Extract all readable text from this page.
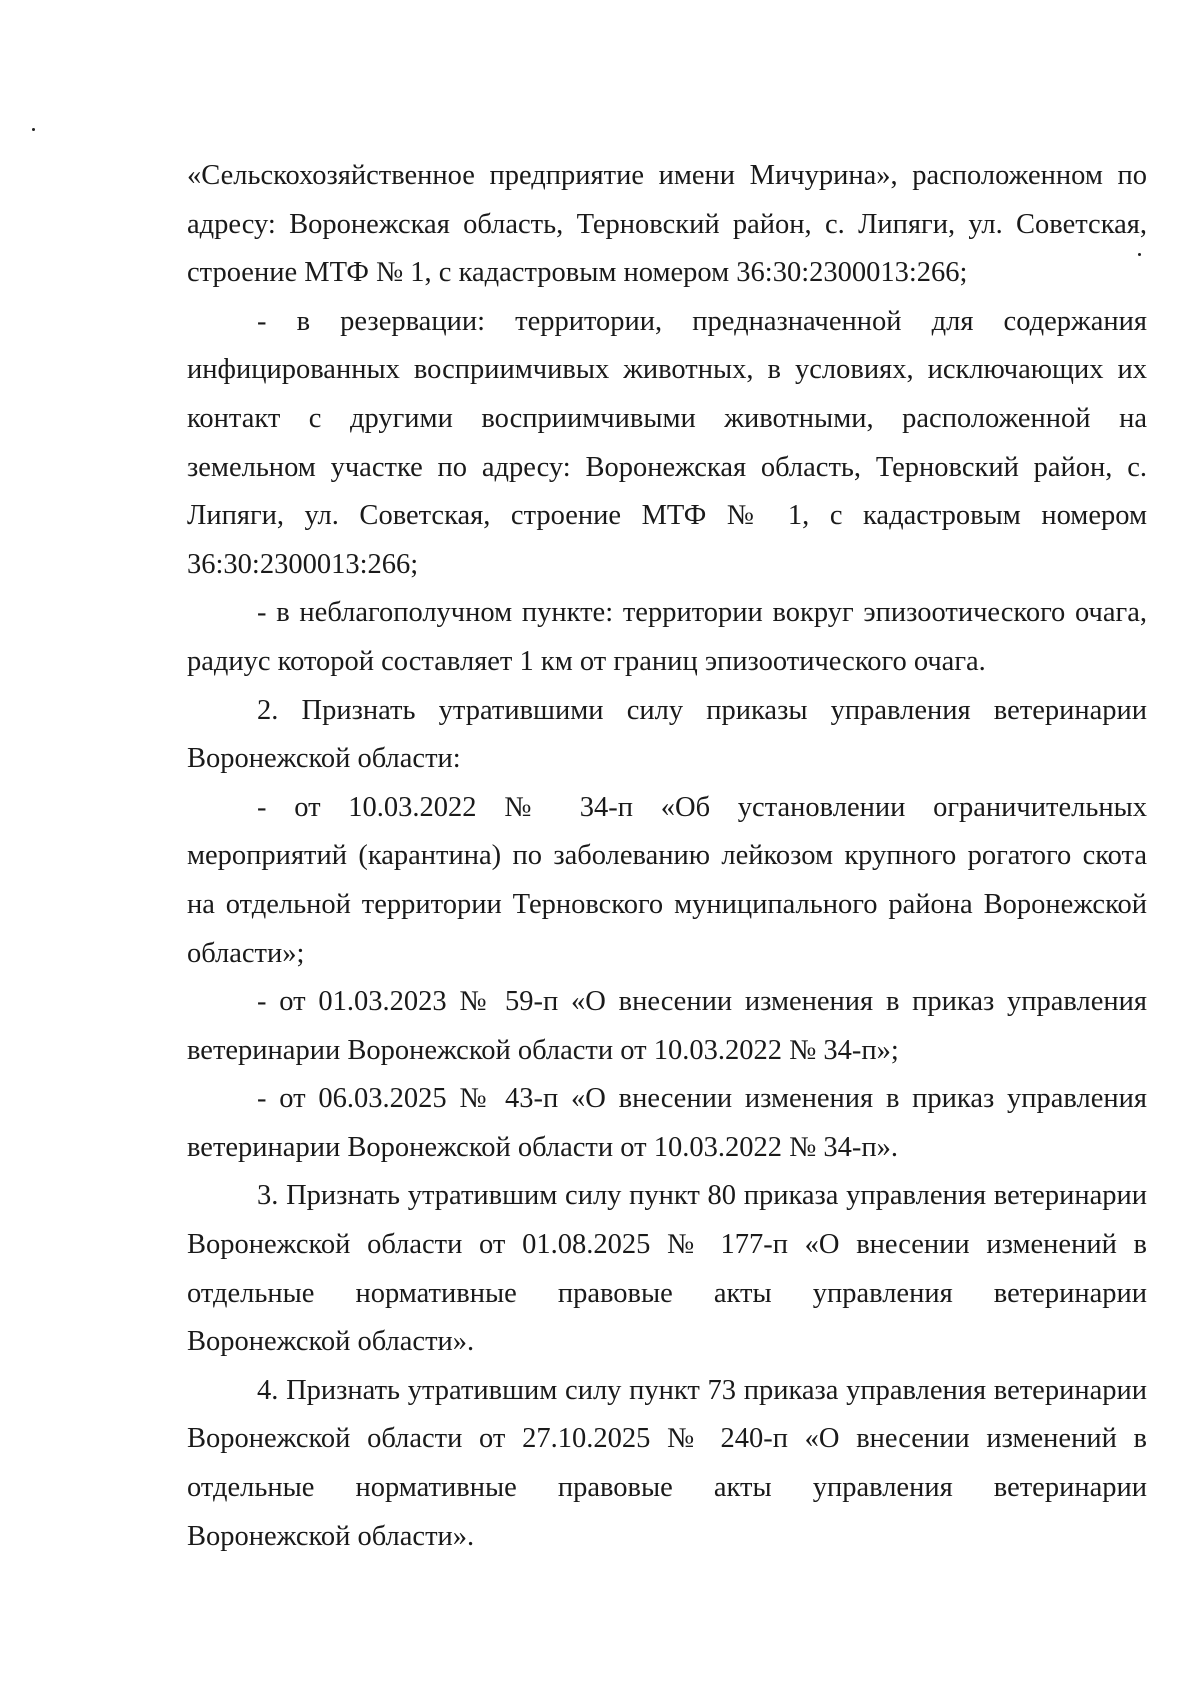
«Сельскохозяйственное предприятие имени Мичурина», расположенном по адресу: Воронежская область, Терновский район, с. Липяги, ул. Советская, строение МТФ № 1, с кадастровым номером 36:30:2300013:266;

- в резервации: территории, предназначенной для содержания инфицированных восприимчивых животных, в условиях, исключающих их контакт с другими восприимчивыми животными, расположенной на земельном участке по адресу: Воронежская область, Терновский район, с. Липяги, ул. Советская, строение МТФ № 1, с кадастровым номером 36:30:2300013:266;

- в неблагополучном пункте: территории вокруг эпизоотического очага, радиус которой составляет 1 км от границ эпизоотического очага.

2. Признать утратившими силу приказы управления ветеринарии Воронежской области:

- от 10.03.2022 № 34-п «Об установлении ограничительных мероприятий (карантина) по заболеванию лейкозом крупного рогатого скота на отдельной территории Терновского муниципального района Воронежской области»;

- от 01.03.2023 № 59-п «О внесении изменения в приказ управления ветеринарии Воронежской области от 10.03.2022 № 34-п»;

- от 06.03.2025 № 43-п «О внесении изменения в приказ управления ветеринарии Воронежской области от 10.03.2022 № 34-п».

3. Признать утратившим силу пункт 80 приказа управления ветеринарии Воронежской области от 01.08.2025 № 177-п «О внесении изменений в отдельные нормативные правовые акты управления ветеринарии Воронежской области».

4. Признать утратившим силу пункт 73 приказа управления ветеринарии Воронежской области от 27.10.2025 № 240-п «О внесении изменений в отдельные нормативные правовые акты управления ветеринарии Воронежской области».
